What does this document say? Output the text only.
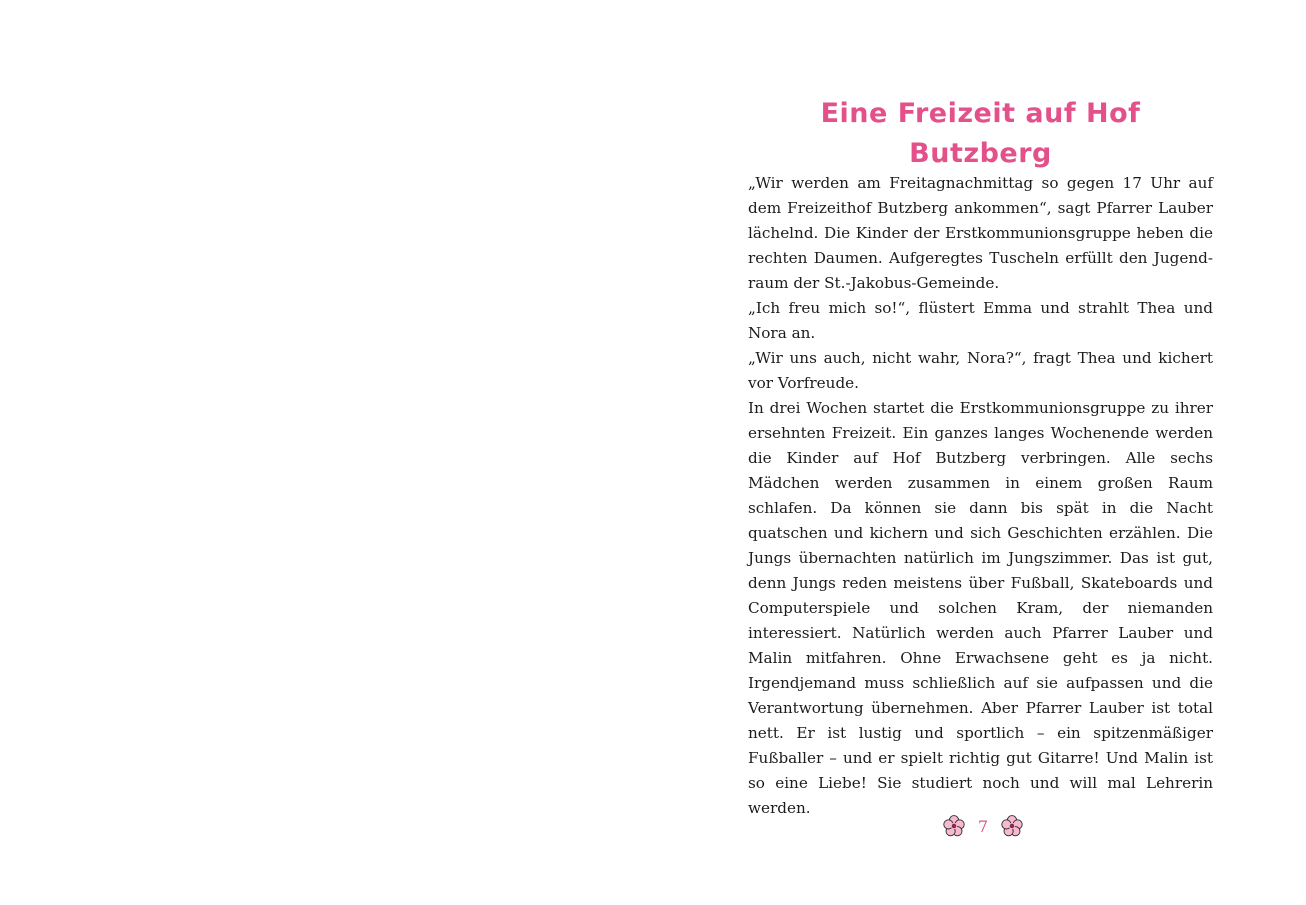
Eine Freizeit auf Hof Butzberg

„Wir werden am Freitagnachmittag so gegen 17 Uhr auf dem Freizeithof Butzberg ankommen“, sagt Pfarrer Lauber lächelnd. Die Kinder der Erstkommunionsgruppe heben die rechten Daumen. Aufgeregtes Tuscheln erfüllt den Jugendraum der St.-Jakobus-Gemeinde.

„Ich freu mich so!“, flüstert Emma und strahlt Thea und Nora an.

„Wir uns auch, nicht wahr, Nora?“, fragt Thea und kichert vor Vorfreude.

In drei Wochen startet die Erstkommunionsgruppe zu ihrer ersehnten Freizeit. Ein ganzes langes Wochenende werden die Kinder auf Hof Butzberg verbringen. Alle sechs Mädchen werden zusammen in einem großen Raum schlafen. Da können sie dann bis spät in die Nacht quatschen und kichern und sich Geschichten erzählen. Die Jungs übernachten natürlich im Jungszimmer. Das ist gut, denn Jungs reden meistens über Fußball, Skateboards und Computerspiele und solchen Kram, der niemanden interessiert. Natürlich werden auch Pfarrer Lauber und Malin mitfahren. Ohne Erwachsene geht es ja nicht. Irgendjemand muss schließlich auf sie aufpassen und die Verantwortung übernehmen. Aber Pfarrer Lauber ist total nett. Er ist lustig und sportlich – ein spitzenmäßiger Fußballer – und er spielt richtig gut Gitarre! Und Malin ist so eine Liebe! Sie studiert noch und will mal Lehrerin werden.

7
